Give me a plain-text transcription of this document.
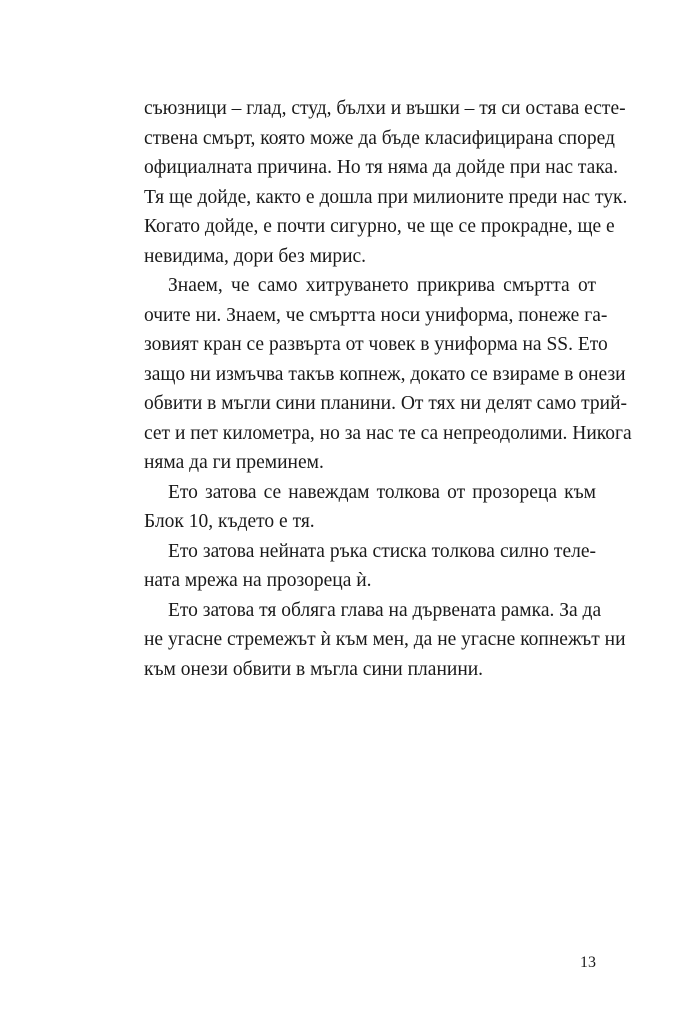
съюзници – глад, студ, бълхи и въшки – тя си остава есте-
ствена смърт, която може да бъде класифицирана според
официалната причина. Но тя няма да дойде при нас така.
Тя ще дойде, както е дошла при милионите преди нас тук.
Когато дойде, е почти сигурно, че ще се прокрадне, ще е
невидима, дори без мирис.
Знаем, че само хитруването прикрива смъртта от
очите ни. Знаем, че смъртта носи униформа, понеже га-
зовият кран се развърта от човек в униформа на SS. Ето
защо ни измъчва такъв копнеж, докато се взираме в онези
обвити в мъгли сини планини. От тях ни делят само трий-
сет и пет километра, но за нас те са непреодолими. Никога
няма да ги преминем.
Ето затова се навеждам толкова от прозореца към
Блок 10, където е тя.
Ето затова нейната ръка стиска толкова силно теле-
ната мрежа на прозореца ѝ.
Ето затова тя обляга глава на дървената рамка. За да
не угасне стремежът ѝ към мен, да не угасне копнежът ни
към онези обвити в мъгла сини планини.
13
